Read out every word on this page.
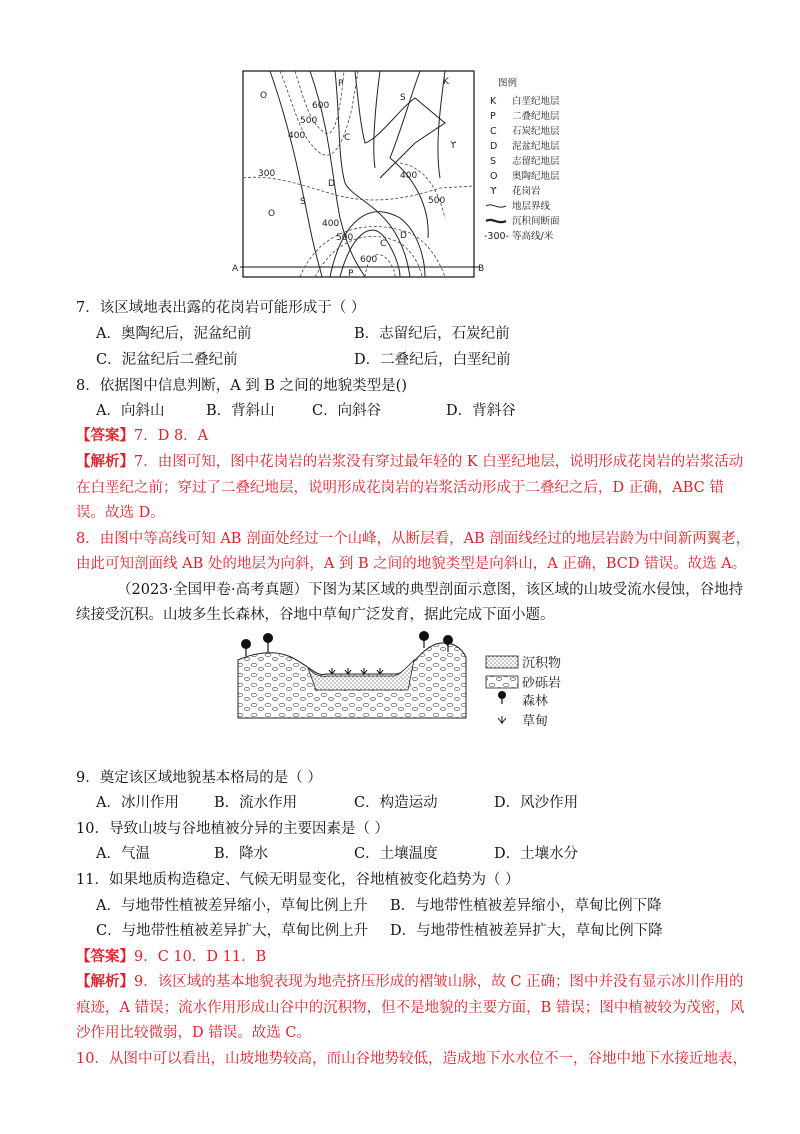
P	K
S
C
D
S
O
D
C
P
ϒ
O
600
500
400
300	400
500
500
400
600
A	B
图例
K 白垩纪地层
P 二叠纪地层
C 石炭纪地层
D 泥盆纪地层
S 志留纪地层
O 奥陶纪地层
ϒ 花岗岩
地层界线
沉积间断面
-300- 等高线/米
7．该区域地表出露的花岗岩可能形成于（ ）
A．奥陶纪后，泥盆纪前	B．志留纪后，石炭纪前
C．泥盆纪后二叠纪前	D．二叠纪后，白垩纪前
8．依据图中信息判断，A 到 B 之间的地貌类型是()
A．向斜山	B．背斜山	C．向斜谷	D．背斜谷
【答案】7．D 8．A
【解析】7．由图可知，图中花岗岩的岩浆没有穿过最年轻的 K 白垩纪地层，说明形成花岗岩的岩浆活动
在白垩纪之前；穿过了二叠纪地层，说明形成花岗岩的岩浆活动形成于二叠纪之后，D 正确，ABC 错
误。故选 D。
8．由图中等高线可知 AB 剖面处经过一个山峰，从断层看，AB 剖面线经过的地层岩龄为中间新两翼老，
由此可知剖面线 AB 处的地层为向斜，A 到 B 之间的地貌类型是向斜山，A 正确，BCD 错误。故选 A。
（2023·全国甲卷·高考真题）下图为某区域的典型剖面示意图，该区域的山坡受流水侵蚀，谷地持
续接受沉积。山坡多生长森林，谷地中草甸广泛发育，据此完成下面小题。
沉积物
砂砾岩
森林
草甸
9．奠定该区域地貌基本格局的是（ ）
A．冰川作用 B．流水作用	C．构造运动	D．风沙作用
10．导致山坡与谷地植被分异的主要因素是（ ）
A．气温	B．降水	C．土壤温度	D．土壤水分
11．如果地质构造稳定、气候无明显变化，谷地植被变化趋势为（ ）
A．与地带性植被差异缩小，草甸比例上升 B．与地带性植被差异缩小，草甸比例下降
C．与地带性植被差异扩大，草甸比例上升 D．与地带性植被差异扩大，草甸比例下降
【答案】9．C 10．D 11．B
【解析】9．该区域的基本地貌表现为地壳挤压形成的褶皱山脉，故 C 正确；图中并没有显示冰川作用的
痕迹，A 错误；流水作用形成山谷中的沉积物，但不是地貌的主要方面，B 错误；图中植被较为茂密，风
沙作用比较微弱，D 错误。故选 C。
10．从图中可以看出，山坡地势较高，而山谷地势较低，造成地下水水位不一，谷地中地下水接近地表，
